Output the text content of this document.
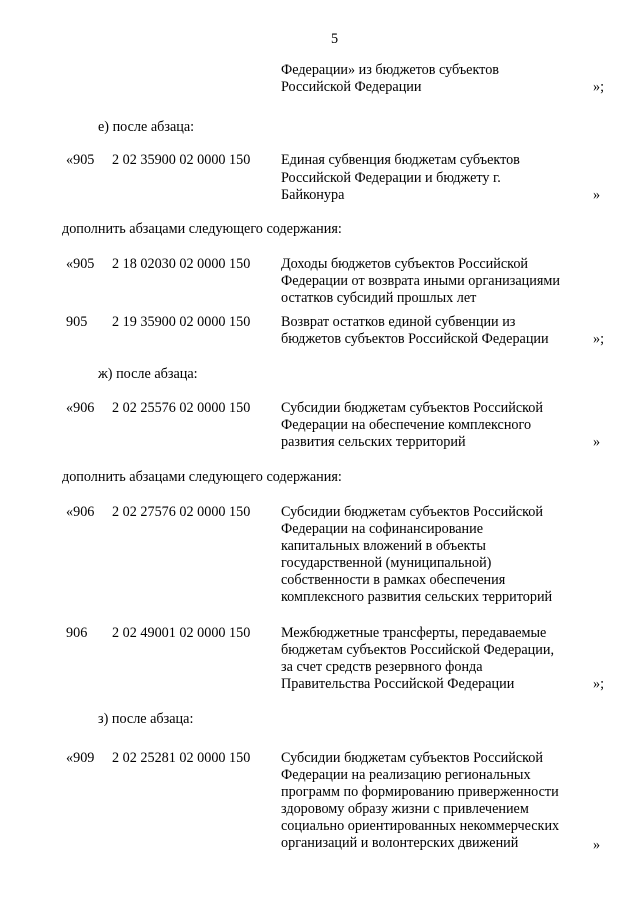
5
Федерации» из бюджетов субъектов
Российской Федерации	»;
е) после абзаца:
«905 2 02 35900 02 0000 150 Единая субвенция бюджетам субъектов
Российской Федерации и бюджету г.
Байконура	»
дополнить абзацами следующего содержания:
«905 2 18 02030 02 0000 150 Доходы бюджетов субъектов Российской
Федерации от возврата иными организациями
остатков субсидий прошлых лет
905 2 19 35900 02 0000 150 Возврат остатков единой субвенции из
бюджетов субъектов Российской Федерации	»;
ж) после абзаца:
«906 2 02 25576 02 0000 150 Субсидии бюджетам субъектов Российской
Федерации на обеспечение комплексного
развития сельских территорий	»
дополнить абзацами следующего содержания:
«906 2 02 27576 02 0000 150 Субсидии бюджетам субъектов Российской
Федерации на софинансирование
капитальных вложений в объекты
государственной (муниципальной)
собственности в рамках обеспечения
комплексного развития сельских территорий
906 2 02 49001 02 0000 150 Межбюджетные трансферты, передаваемые
бюджетам субъектов Российской Федерации,
за счет средств резервного фонда
Правительства Российской Федерации	»;
з) после абзаца:
«909 2 02 25281 02 0000 150 Субсидии бюджетам субъектов Российской
Федерации на реализацию региональных
программ по формированию приверженности
здоровому образу жизни с привлечением
социально ориентированных некоммерческих
организаций и волонтерских движений	»
